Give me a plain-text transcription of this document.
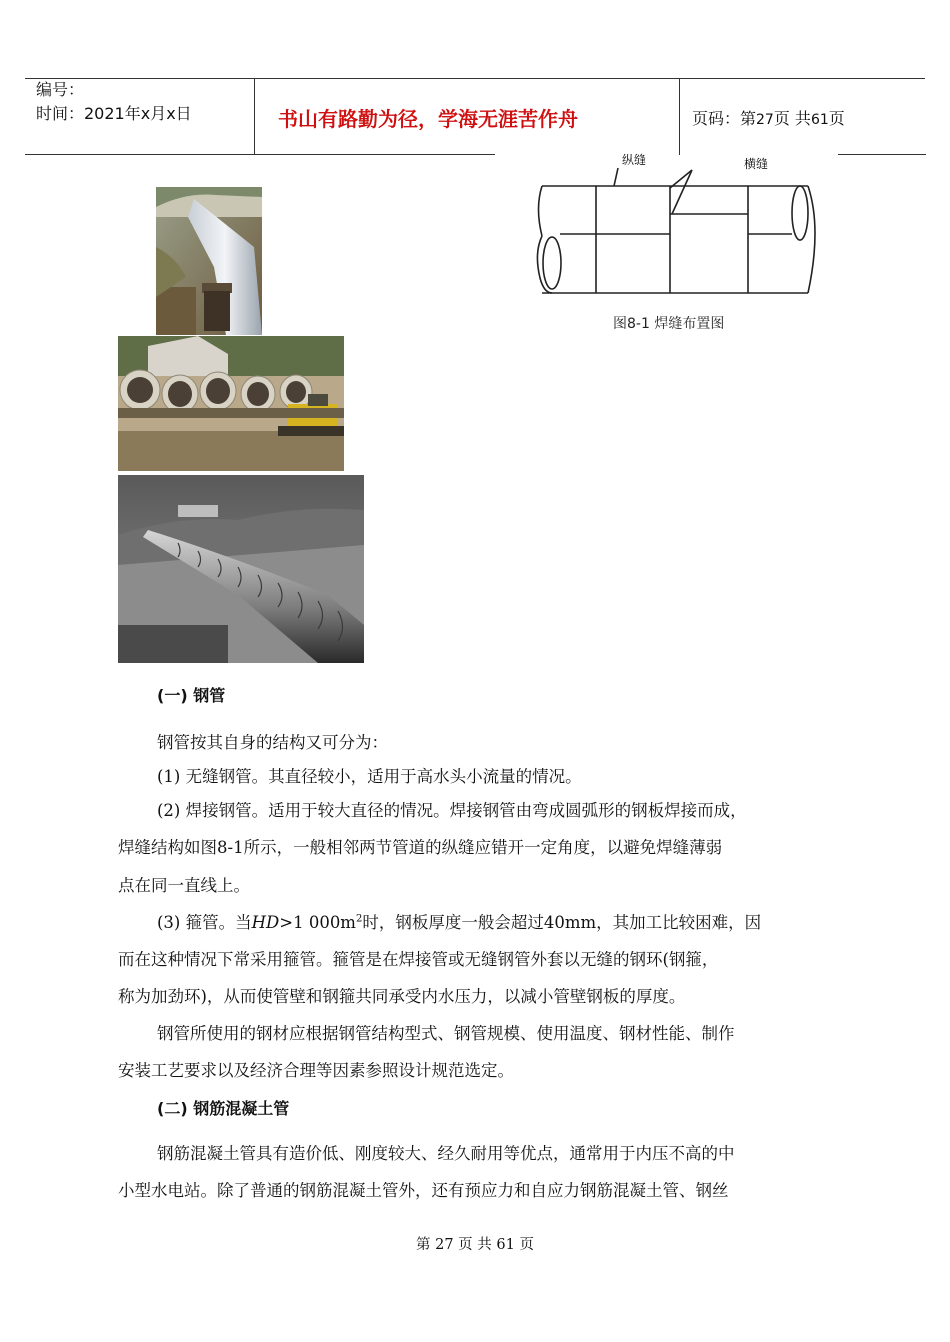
编号：
时间：2021年x月x日	书山有路勤为径，学海无涯苦作舟	页码：第27页 共61页
纵缝	横缝
图8-1 焊缝布置图
(一) 钢管
钢管按其自身的结构又可分为：
(1) 无缝钢管。其直径较小，适用于高水头小流量的情况。
(2) 焊接钢管。适用于较大直径的情况。焊接钢管由弯成圆弧形的钢板焊接而成，
焊缝结构如图8-1所示，一般相邻两节管道的纵缝应错开一定角度，以避免焊缝薄弱
点在同一直线上。
(3) 箍管。当HD>1 $000m^2$时，钢板厚度一般会超过40mm，其加工比较困难，因
而在这种情况下常采用箍管。箍管是在焊接管或无缝钢管外套以无缝的钢环(钢箍，
称为加劲环)，从而使管壁和钢箍共同承受内水压力，以减小管壁钢板的厚度。
钢管所使用的钢材应根据钢管结构型式、钢管规模、使用温度、钢材性能、制作
安装工艺要求以及经济合理等因素参照设计规范选定。
(二) 钢筋混凝土管
钢筋混凝土管具有造价低、刚度较大、经久耐用等优点，通常用于内压不高的中
小型水电站。除了普通的钢筋混凝土管外，还有预应力和自应力钢筋混凝土管、钢丝
第 27 页 共 61 页
